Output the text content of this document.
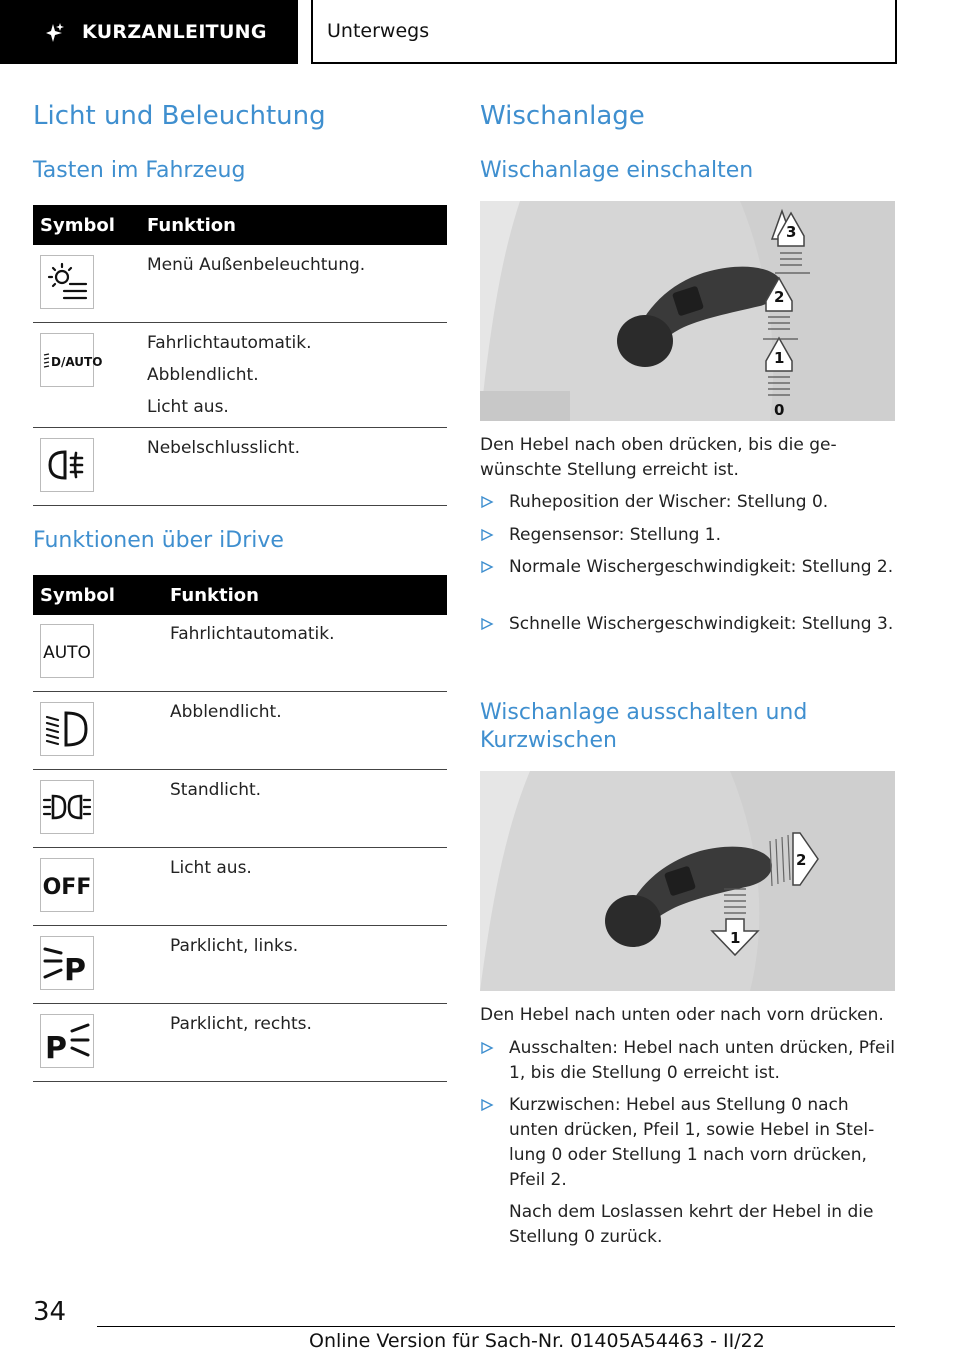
KURZANLEITUNG	Unterwegs
Licht und Beleuchtung
Tasten im Fahrzeug
Symbol Funktion

Menü Außenbeleuchtung.

D/AUTO

Fahrlichtautomatik.

Abblendlicht.

Licht aus.

Nebelschlusslicht.

Funktionen über iDrive
Symbol	Funktion
AUTO

Fahrlichtautomatik.

Abblendlicht.

Standlicht.

OFF

Licht aus.

P

Parklicht, links.

P

Parklicht, rechts.

Wischanlage
Wischanlage einschalten
3
2
1
0

Den Hebel nach oben drücken, bis die gewünschte Stellung erreicht ist.

Ruheposition der Wischer: Stellung 0.
Regensensor: Stellung 1.
Normale Wischergeschwindigkeit: Stellung 2.
Schnelle Wischergeschwindigkeit: Stellung 3.
Wischanlage ausschalten und Kurzwischen
1
2

Den Hebel nach unten oder nach vorn drücken.

Ausschalten: Hebel nach unten drücken, Pfeil 1, bis die Stellung 0 erreicht ist.
Kurzwischen: Hebel aus Stellung 0 nach unten drücken, Pfeil 1, sowie Hebel in Stellung 0 oder Stellung 1 nach vorn drücken, Pfeil 2.

Nach dem Loslassen kehrt der Hebel in die Stellung 0 zurück.

34
Online Version für Sach-Nr. 01405A54463 - II/22
